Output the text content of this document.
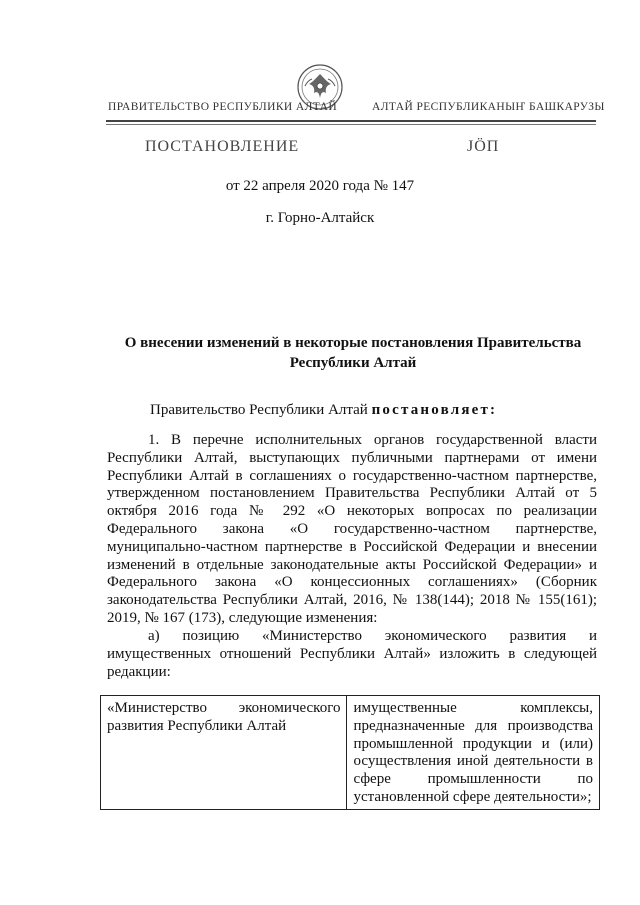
ПРАВИТЕЛЬСТВО РЕСПУБЛИКИ АЛТАЙ	АЛТАЙ РЕСПУБЛИКАНЫҤ БАШКАРУЗЫ
ПОСТАНОВЛЕНИЕ	JӦП
от 22 апреля 2020 года № 147
г. Горно-Алтайск
О внесении изменений в некоторые постановления Правительства Республики Алтай
Правительство Республики Алтай постановляет:
1. В перечне исполнительных органов государственной власти Республики Алтай, выступающих публичными партнерами от имени Республики Алтай в соглашениях о государственно-частном партнерстве, утвержденном постановлением Правительства Республики Алтай от 5 октября 2016 года № 292 «О некоторых вопросах по реализации Федерального закона «О государственно-частном партнерстве, муниципально-частном партнерстве в Российской Федерации и внесении изменений в отдельные законодательные акты Российской Федерации» и Федерального закона «О концессионных соглашениях» (Сборник законодательства Республики Алтай, 2016, № 138(144); 2018 № 155(161); 2019, № 167 (173), следующие изменения:
а) позицию «Министерство экономического развития и имущественных отношений Республики Алтай» изложить в следующей редакции:
«Министерство экономического развития Республики Алтай	имущественные комплексы, предназначенные для производства промышленной продукции и (или) осуществления иной деятельности в сфере промышленности по установленной сфере деятельности»;
